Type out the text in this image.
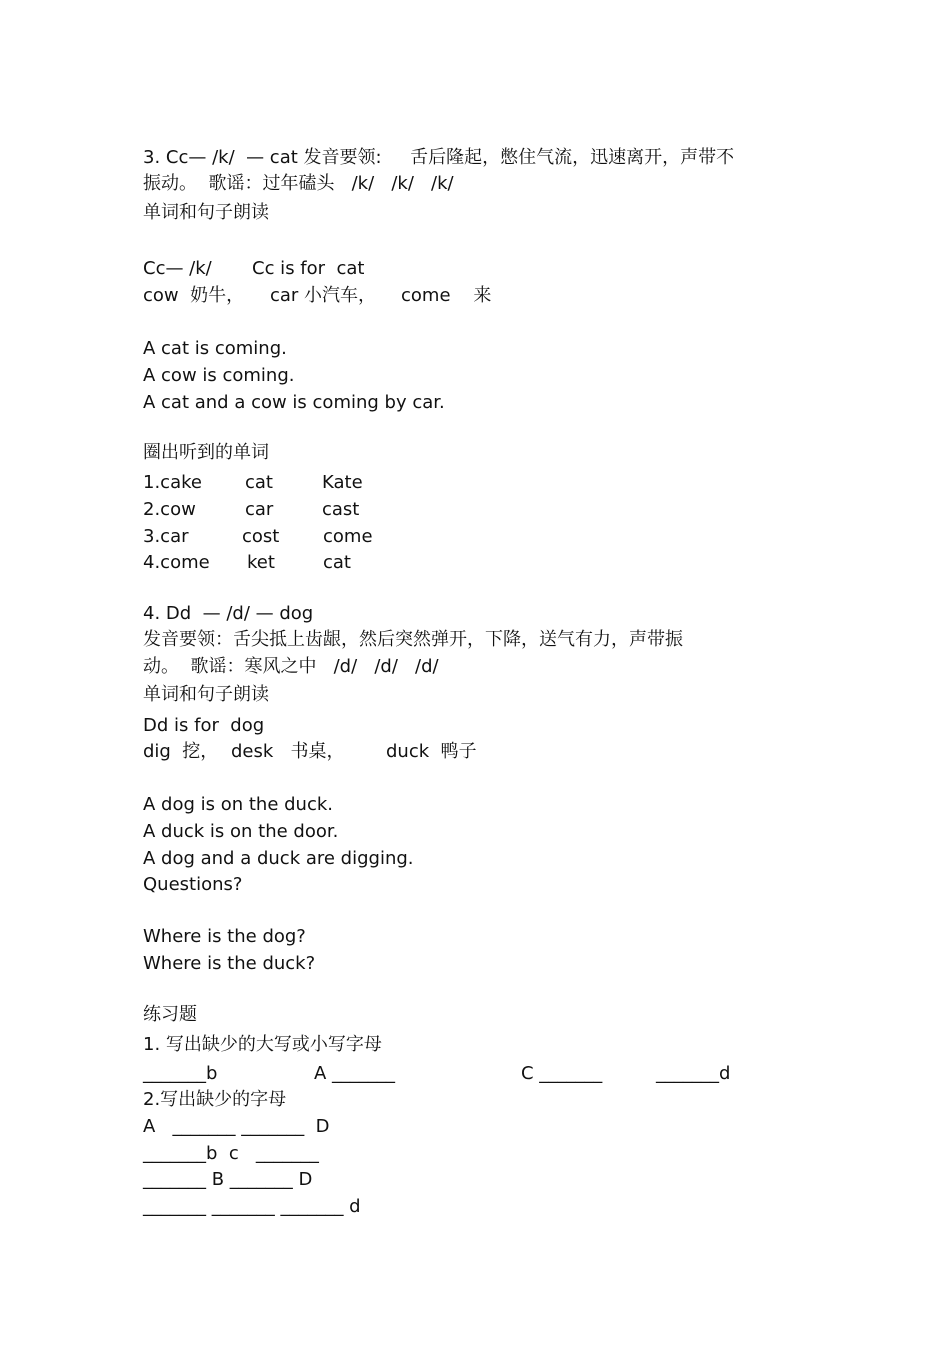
3. Cc— /k/  — cat 发音要领:     舌后隆起，憋住气流，迅速离开，声带不
振动。  歌谣：过年磕头   /k/   /k/   /k/
单词和句子朗读
Cc— /k/ Cc is for  cat
cow  奶牛， car 小汽车， come    来
A cat is coming.
A cow is coming.
A cat and a cow is coming by car.
圈出听到的单词
1.cake cat	Kate
2.cow	car	cast
3.car	cost come
4.come ket	cat
4. Dd  — /d/ — dog
发音要领：舌尖抵上齿龈，然后突然弹开，下降，送气有力，声带振
动。  歌谣：寒风之中   /d/   /d/   /d/
单词和句子朗读
Dd is for  dog
dig  挖， desk   书桌， duck  鸭子
A dog is on the duck.
A duck is on the door.
A dog and a duck are digging.
Questions?
Where is the dog?
Where is the duck?
练习题
1. 写出缺少的大写或小写字母
_______b	A _______	C _______	_______d
2.写出缺少的字母
A   _______ _______  D
_______b  c   _______
_______ B _______ D
_______ _______ _______ d
